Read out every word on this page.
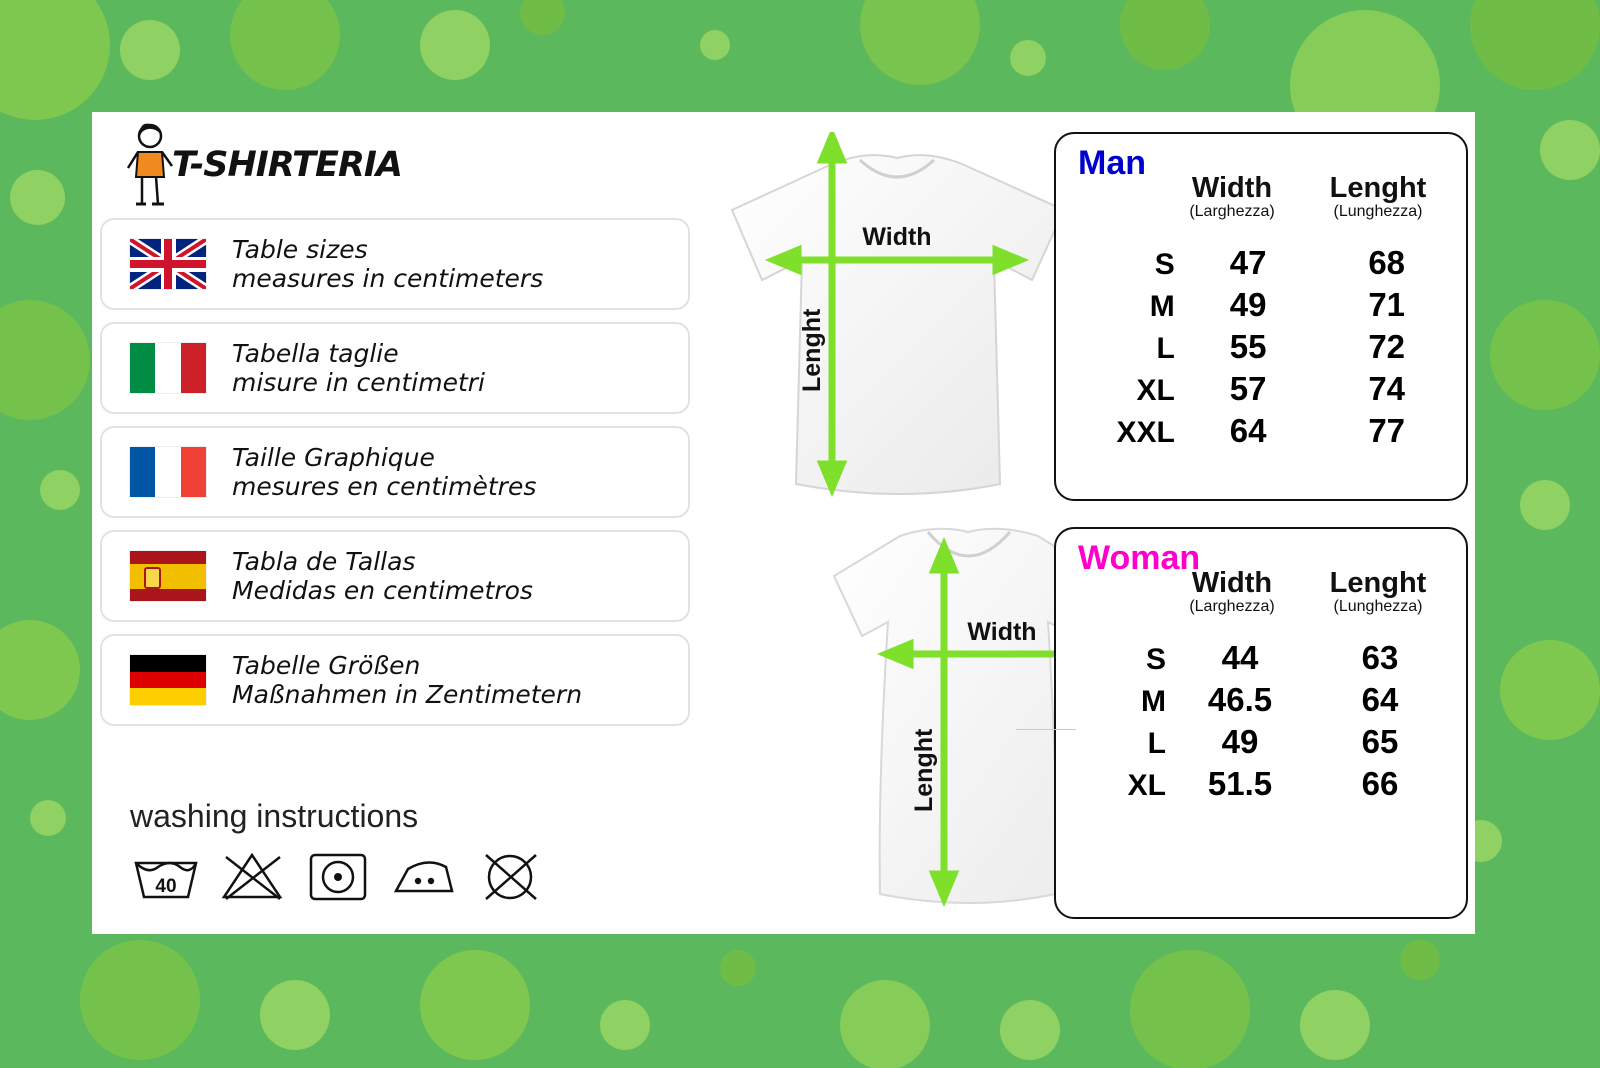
T-SHIRTERIA
Table sizes
measures in centimeters
Tabella taglie
misure in centimetri
Taille Graphique
mesures en centimètres
Tabla de Tallas
Medidas en centimetros
Tabelle Größen
Maßnahmen in Zentimetern
washing instructions
40
Width
Lenght
Width
Lenght
Man
Width	Lenght
(Larghezza)	(Lunghezza)
S	47	68
M	49	71
L	55	72
XL	57	74
XXL	64	77
Woman
Width	Lenght
(Larghezza)	(Lunghezza)
S	44	63
M	46.5	64
L	49	65
XL	51.5	66
